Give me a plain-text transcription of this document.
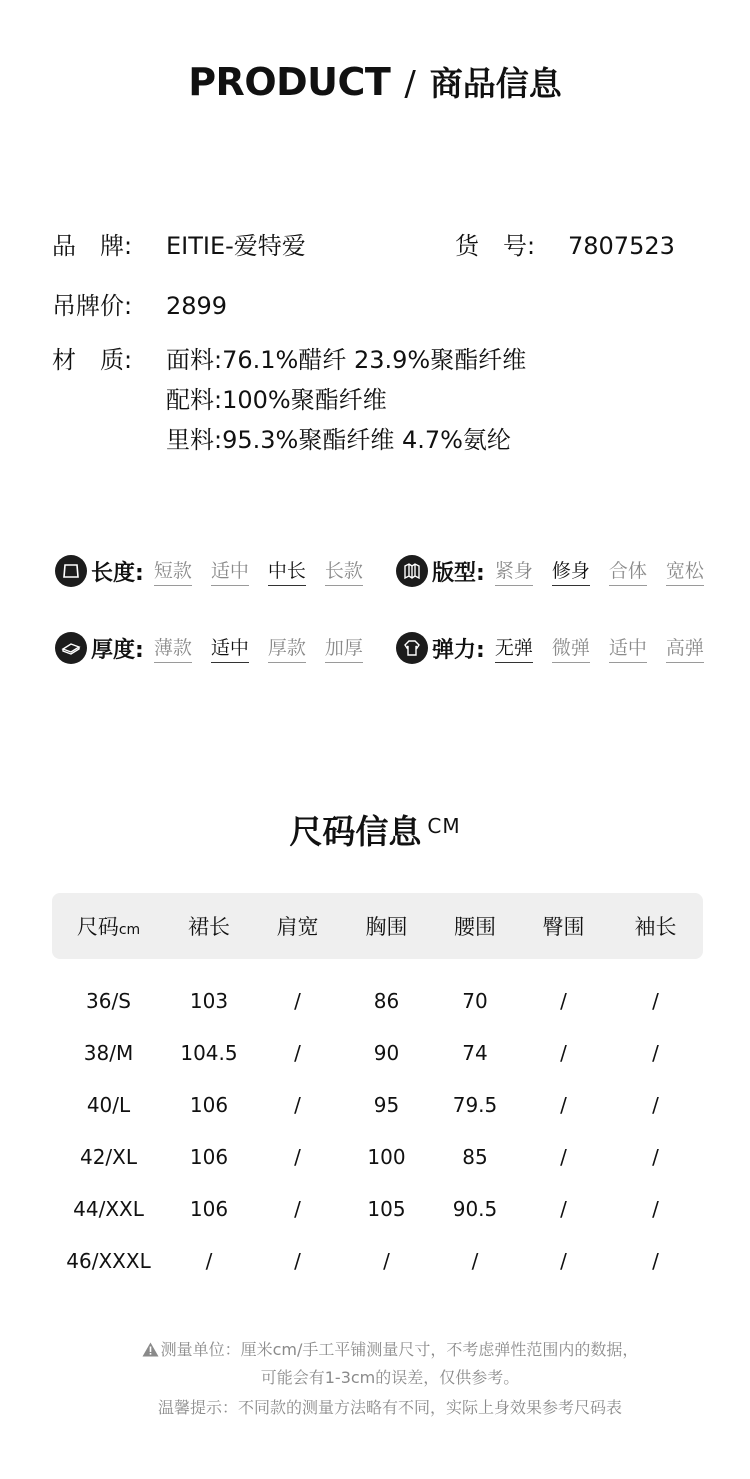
PRODUCT / 商品信息
品　牌: EITIE-爱特爱	货　号: 7807523
吊牌价: 2899
材　质: 面料:76.1%醋纤 23.9%聚酯纤维
配料:100%聚酯纤维
里料:95.3%聚酯纤维 4.7%氨纶
长度: 短款 适中 中长 长款	版型: 紧身 修身 合体 宽松
厚度: 薄款 适中 厚款 加厚	弹力: 无弹 微弹 适中 高弹
尺码信息 CM
尺码cm	裙长	肩宽	胸围	腰围	臀围	袖长
36/S	103	/	86	70	/	/
38/M	104.5	/	90	74	/	/
40/L	106	/	95	79.5	/	/
42/XL	106	/	100	85	/	/
44/XXL	106	/	105	90.5	/	/
46/XXXL	/	/	/	/	/	/
测量单位：厘米cm/手工平铺测量尺寸，不考虑弹性范围内的数据，
可能会有1-3cm的误差，仅供参考。
温馨提示：不同款的测量方法略有不同，实际上身效果参考尺码表
